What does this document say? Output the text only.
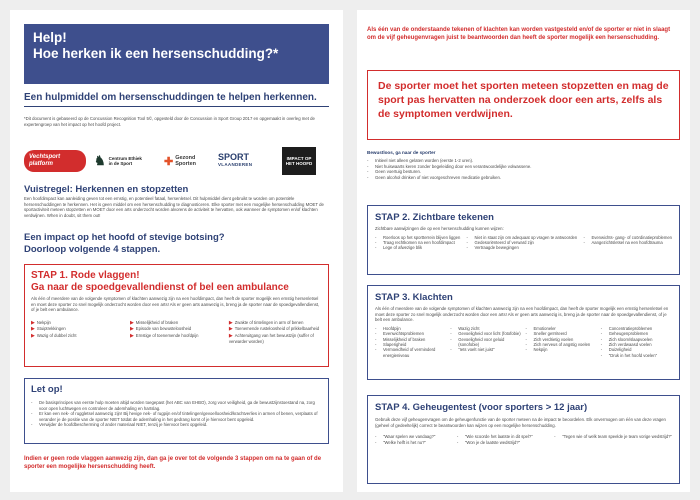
Help!
Hoe herken ik een hersenschudding?*
Een hulpmiddel om hersenschuddingen te helpen herkennen.
*Dit document is gebaseerd op de Concussion Recognition Tool 5©, opgesteld door de Concussion in Sport Group 2017 en opgemaakt in overleg met de expertengroep van het impact op het hoofd project.
Vechtsport platform	♞ Centrum Ethiek
in de Sport	✚ Gezond
Sporten
SPORT
VLAANDEREN
IMPACT OP HET HOOFD
Vuistregel: Herkennen en stopzetten
Een hoofdimpact kan aanleiding geven tot een ernstig, en potentieel fataal, hersenletsel. Dit hulpmiddel dient gebruikt te worden om potentiële hersenschuddingen te herkennen. Het is geen middel om een hersenschudding te diagnosticeren. Elke sporter met een mogelijke hersenschudding MOET de sportactiviteit meteen stopzetten en MOET door een arts onderzocht worden alvorens de activiteit te hervatten, ook wanneer de symptomen en/of klachten verdwijnen. When in doubt, sit them out!
Een impact op het hoofd of stevige botsing?
Doorloop volgende 4 stappen.
STAP 1. Rode vlaggen!
Ga naar de spoedgevallendienst of bel een ambulance
Als één of meerdere van de volgende symptomen of klachten aanwezig zijn na een hoofdimpact, dan heeft de sporter mogelijk een ernstig hersenletsel en moet deze sporter zo snel mogelijk onderzocht worden door een arts! Als er geen arts aanwezig is, breng ja de sporter naar de spoedgevallendienst, of je belt een ambulance.
▶ Nekpijn
▶ Stuiptrekkingen
▶ Wazig of dubbel zicht
▶ Misselijkheid of braken
▶ Episode van bewusteloosheid
▶ Ernstige of toenemende hoofdpijn
▶ Zwakte of tintelingen in arm of benen
▶ Toenemende rusteloosheid of prikkelbaarheid
▶ Achteruitgang van het bewustzijn (suffer of verwarder worden)
Let op!
- De basisprincipes van eerste hulp moeten altijd worden toegepast (het ABC van EHBO), zorg voor veiligheid, ga de bewustzijnstoestand na, zorg voor open luchtwegen en controleer de ademhaling en hartslag.
- Er kan een nek- of ruggletsel aanwezig zijn! Bij hevige nek- of rugpijn en/of tintelingen/gevoelloosheid/krachtverlies in armen of benen, verplaats of verander je de positie van de sporter NIET totdat de ademhaling in het gedrang komt of je hiervoor bent opgeleid.
- Verwijder de hoofdbescherming of ander materiaal NIET, tenzij je hiervoor bent opgeleid.
Indien er geen rode vlaggen aanwezig zijn, dan ga je over tot de volgende 3 stappen om na te gaan of de sporter een mogelijke hersenschudding heeft.
Als één van de onderstaande tekenen of klachten kan worden vastgesteld en/of de sporter er niet in slaagt om de vijf geheugenvragen juist te beantwoorden dan heeft de sporter mogelijk een hersenschudding.
De sporter moet het sporten meteen stopzetten en mag de sport pas hervatten na onderzoek door een arts, zelfs als de symptomen verdwijnen.
Bewustloos, ga naar de sporter
- Initieel niet alleen gelaten worden (eerste 1-2 uren).
- Niet huiswaarts keren zonder begeleiding door een verantwoordelijke volwassene.
- Geen voertuig besturen.
- Geen alcohol drinken of niet voorgeschreven medicatie gebruiken.
STAP 2. Zichtbare tekenen
Zichtbare aanwijzingen die op een hersenschudding kunnen wijzen:
- Roerloos op het sportterrein blijven liggen
- Traag rechtkomen na een hoofdimpact
- Lege of afwezige blik
- Niet in staat zijn om adequaat op vragen te antwoorden
- Gedesoriënteerd of verward zijn
- Vertraagde bewegingen
- Evenwichts- gang- of coördinatieproblemen
- Aangezichtsletsel na een hoofdtrauma
STAP 3. Klachten
Als één of meerdere van de volgende symptomen of klachten aanwezig zijn na een hoofdimpact, dan heeft de sporter mogelijk een ernstig hersenletsel en moet deze sporter zo snel mogelijk onderzocht worden door een arts! Als er geen arts aanwezig is, breng ja de sporter naar de spoedgevallendienst, of je belt een ambulance.
- Hoofdpijn
- Evenwichtsproblemen
- Misselijkheid of braken
- Slaperigheid
- Vermoeidheid of verminderd energieniveau
- Wazig zicht
- Gevoeligheid voor licht (fotofobie)
- Gevoeligheid voor geluid (sonofobie)
- "Iets voelt niet juist"
- Emotioneler
- Sneller geïrriteerd
- Zich verdrietig voelen
- Zich nerveus of angstig voelen
- Nekpijn
- Concentratieproblemen
- Geheugenproblemen
- Zich sloom/slaapvoelen
- Zich verdwaasd voelen
- Duizeligheid
- "Druk in het hoofd voelen"
STAP 4. Geheugentest (voor sporters > 12 jaar)
Gebruik deze vijf geheugenvragen om de geheugenfunctie van de sporter meteen na de impact te beoordelen. Elk onvermogen om één van deze vragen (geheel of gedeeltelijk) correct te beantwoorden kan wijzen op een mogelijke hersenschudding.
- "Waar spelen we vandaag?"
- "Welke helft is het nu?"
- "Wie scoorde het laatste in dit spel?"
- "Won je de laatste wedstrijd?"
- "Tegen wie of welk team speelde je team vorige wedstrijd?"
